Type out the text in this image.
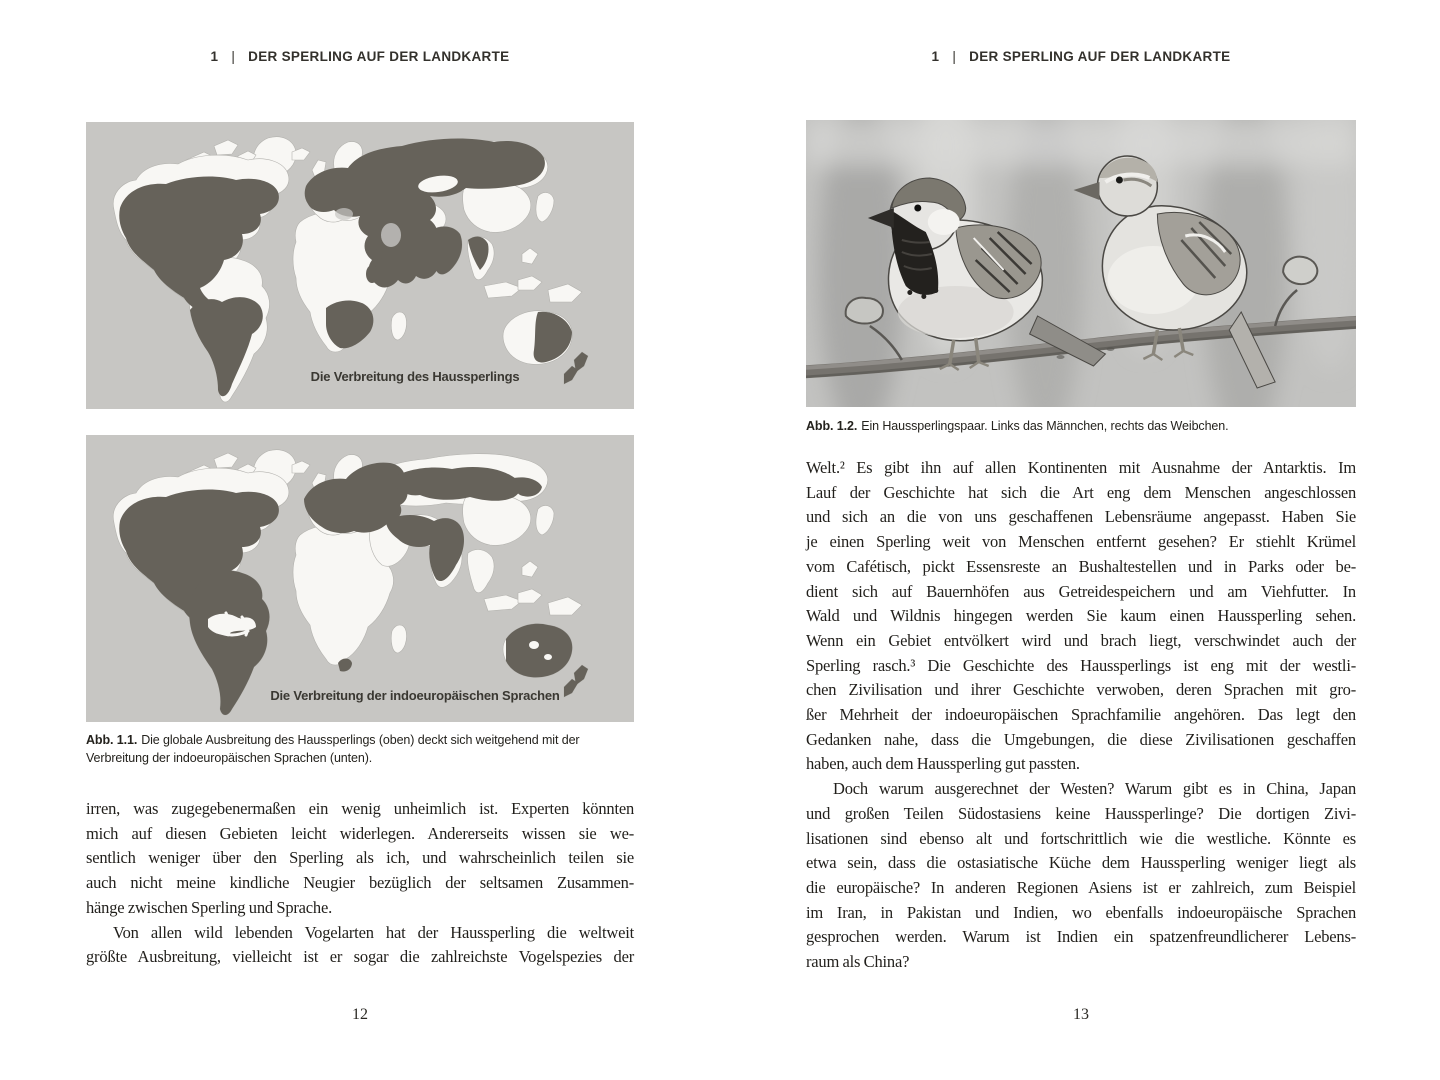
1 | DER SPERLING AUF DER LANDKARTE	1 | DER SPERLING AUF DER LANDKARTE
Die Verbreitung des Haussperlings
Die Verbreitung der indoeuropäischen Sprachen
Abb. 1.1. Die globale Ausbreitung des Haussperlings (oben) deckt sich weitgehend mit der Verbreitung der indoeuropäischen Sprachen (unten).
irren, was zugegebenermaßen ein wenig unheimlich ist. Experten könnten
mich auf diesen Gebieten leicht widerlegen. Andererseits wissen sie we-
sentlich weniger über den Sperling als ich, und wahrscheinlich teilen sie
auch nicht meine kindliche Neugier bezüglich der seltsamen Zusammen-
hänge zwischen Sperling und Sprache.
Von allen wild lebenden Vogelarten hat der Haussperling die weltweit
größte Ausbreitung, vielleicht ist er sogar die zahlreichste Vogelspezies der
12
Abb. 1.2. Ein Haussperlingspaar. Links das Männchen, rechts das Weibchen.
Welt.² Es gibt ihn auf allen Kontinenten mit Ausnahme der Antarktis. Im
Lauf der Geschichte hat sich die Art eng dem Menschen angeschlossen
und sich an die von uns geschaffenen Lebensräume angepasst. Haben Sie
je einen Sperling weit von Menschen entfernt gesehen? Er stiehlt Krümel
vom Cafétisch, pickt Essensreste an Bushaltestellen und in Parks oder be-
dient sich auf Bauernhöfen aus Getreidespeichern und am Viehfutter. In
Wald und Wildnis hingegen werden Sie kaum einen Haussperling sehen.
Wenn ein Gebiet entvölkert wird und brach liegt, verschwindet auch der
Sperling rasch.³ Die Geschichte des Haussperlings ist eng mit der westli-
chen Zivilisation und ihrer Geschichte verwoben, deren Sprachen mit gro-
ßer Mehrheit der indoeuropäischen Sprachfamilie angehören. Das legt den
Gedanken nahe, dass die Umgebungen, die diese Zivilisationen geschaffen
haben, auch dem Haussperling gut passten.
Doch warum ausgerechnet der Westen? Warum gibt es in China, Japan
und großen Teilen Südostasiens keine Haussperlinge? Die dortigen Zivi-
lisationen sind ebenso alt und fortschrittlich wie die westliche. Könnte es
etwa sein, dass die ostasiatische Küche dem Haussperling weniger liegt als
die europäische? In anderen Regionen Asiens ist er zahlreich, zum Beispiel
im Iran, in Pakistan und Indien, wo ebenfalls indoeuropäische Sprachen
gesprochen werden. Warum ist Indien ein spatzenfreundlicherer Lebens-
raum als China?
13
